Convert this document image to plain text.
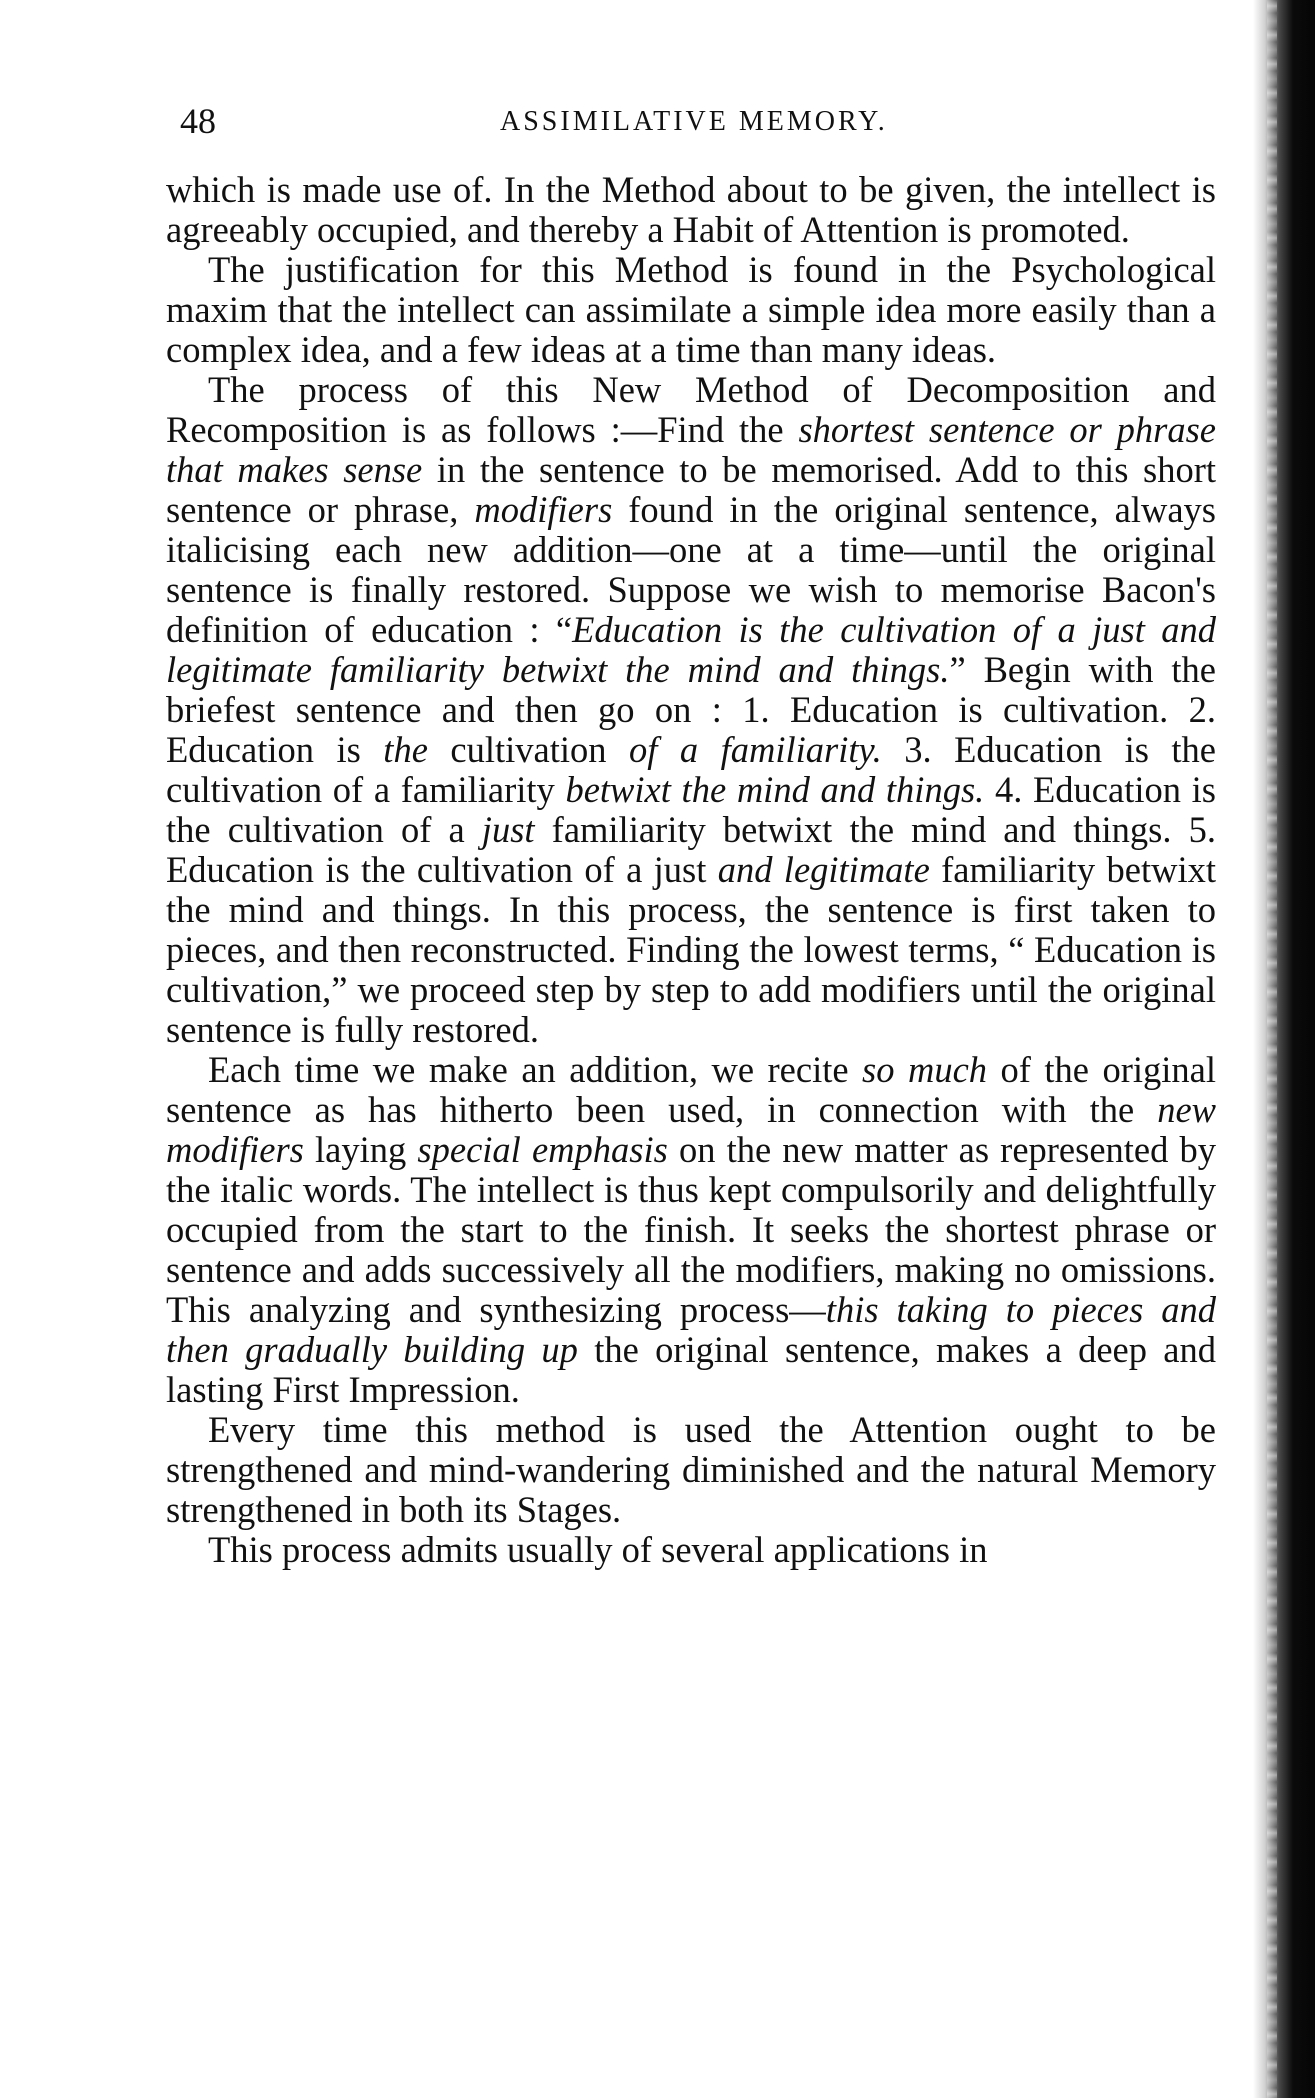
48	ASSIMILATIVE MEMORY.

which is made use of. In the Method about to be given, the intellect is agreeably occupied, and thereby a Habit of Attention is promoted.

The justification for this Method is found in the Psychological maxim that the intellect can assimilate a simple idea more easily than a complex idea, and a few ideas at a time than many ideas.

The process of this New Method of Decomposition and Recomposition is as follows :—Find the shortest sentence or phrase that makes sense in the sentence to be memorised. Add to this short sentence or phrase, modifiers found in the original sentence, always italicising each new addition—one at a time—until the original sentence is finally restored. Suppose we wish to memorise Bacon's definition of education : “Education is the cultivation of a just and legitimate familiarity betwixt the mind and things.” Begin with the briefest sentence and then go on : 1. Education is cultivation. 2. Education is the cultivation of a familiarity. 3. Education is the cultivation of a familiarity betwixt the mind and things. 4. Education is the cultivation of a just familiarity betwixt the mind and things. 5. Education is the cultivation of a just and legitimate familiarity betwixt the mind and things. In this process, the sentence is first taken to pieces, and then reconstructed. Finding the lowest terms, “ Education is cultivation,” we proceed step by step to add modifiers until the original sentence is fully restored.

Each time we make an addition, we recite so much of the original sentence as has hitherto been used, in connection with the new modifiers laying special emphasis on the new matter as represented by the italic words. The intellect is thus kept compulsorily and delightfully occupied from the start to the finish. It seeks the shortest phrase or sentence and adds successively all the modifiers, making no omissions. This analyzing and synthesizing process—this taking to pieces and then gradually building up the original sentence, makes a deep and lasting First Impression.

Every time this method is used the Attention ought to be strengthened and mind-wandering diminished and the natural Memory strengthened in both its Stages.

This process admits usually of several applications in
